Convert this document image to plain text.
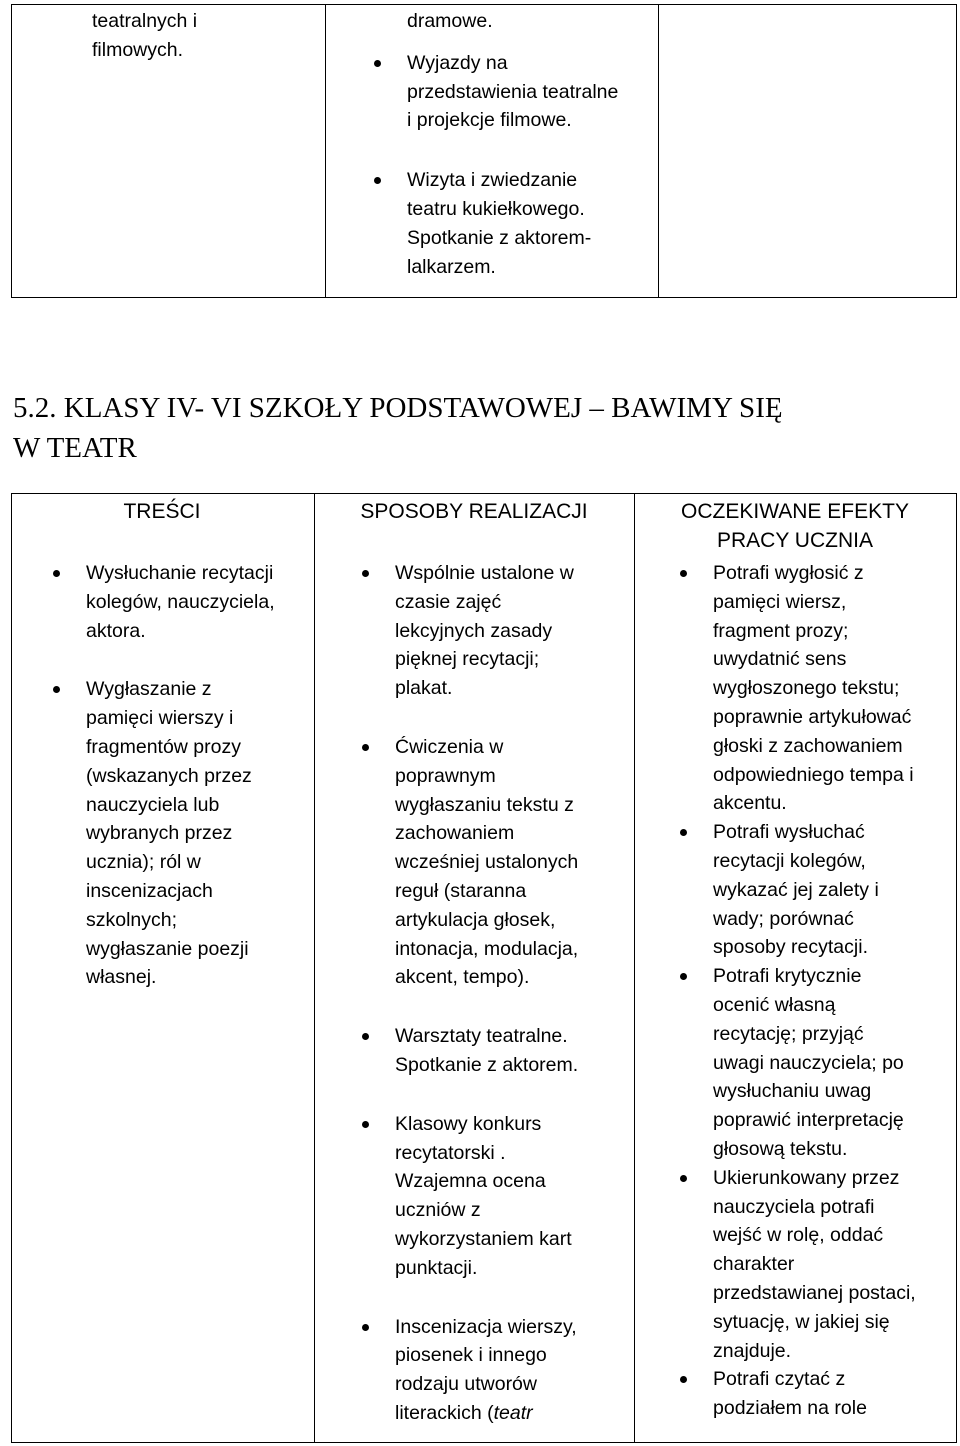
teatralnych i

filmowych.

dramowe.

Wyjazdy na

przedstawienia teatralne

i projekcje filmowe.

Wizyta i zwiedzanie

teatru kukiełkowego.

Spotkanie z aktorem-

lalkarzem.

5.2. KLASY IV- VI SZKOŁY PODSTAWOWEJ – BAWIMY SIĘ
W TEATR
TREŚCI	SPOSOBY REALIZACJI	OCZEKIWANE EFEKTY
PRACY UCZNIA

Wysłuchanie recytacji

kolegów, nauczyciela,

aktora.

Wygłaszanie z

pamięci wierszy i

fragmentów prozy

(wskazanych przez

nauczyciela lub

wybranych przez

ucznia); ról w

inscenizacjach

szkolnych;

wygłaszanie poezji

własnej.

Wspólnie ustalone w

czasie zajęć

lekcyjnych zasady

pięknej recytacji;

plakat.

Ćwiczenia w

poprawnym

wygłaszaniu tekstu z

zachowaniem

wcześniej ustalonych

reguł (staranna

artykulacja głosek,

intonacja, modulacja,

akcent, tempo).

Warsztaty teatralne.

Spotkanie z aktorem.

Klasowy konkurs

recytatorski .

Wzajemna ocena

uczniów z

wykorzystaniem kart

punktacji.

Inscenizacja wierszy,

piosenek i innego

rodzaju utworów

literackich (teatr

Potrafi wygłosić z

pamięci wiersz,

fragment prozy;

uwydatnić sens

wygłoszonego tekstu;

poprawnie artykułować

głoski z zachowaniem

odpowiedniego tempa i

akcentu.

Potrafi wysłuchać

recytacji kolegów,

wykazać jej zalety i

wady; porównać

sposoby recytacji.

Potrafi krytycznie

ocenić własną

recytację; przyjąć

uwagi nauczyciela; po

wysłuchaniu uwag

poprawić interpretację

głosową tekstu.

Ukierunkowany przez

nauczyciela potrafi

wejść w rolę, oddać

charakter

przedstawianej postaci,

sytuację, w jakiej się

znajduje.

Potrafi czytać z

podziałem na role
